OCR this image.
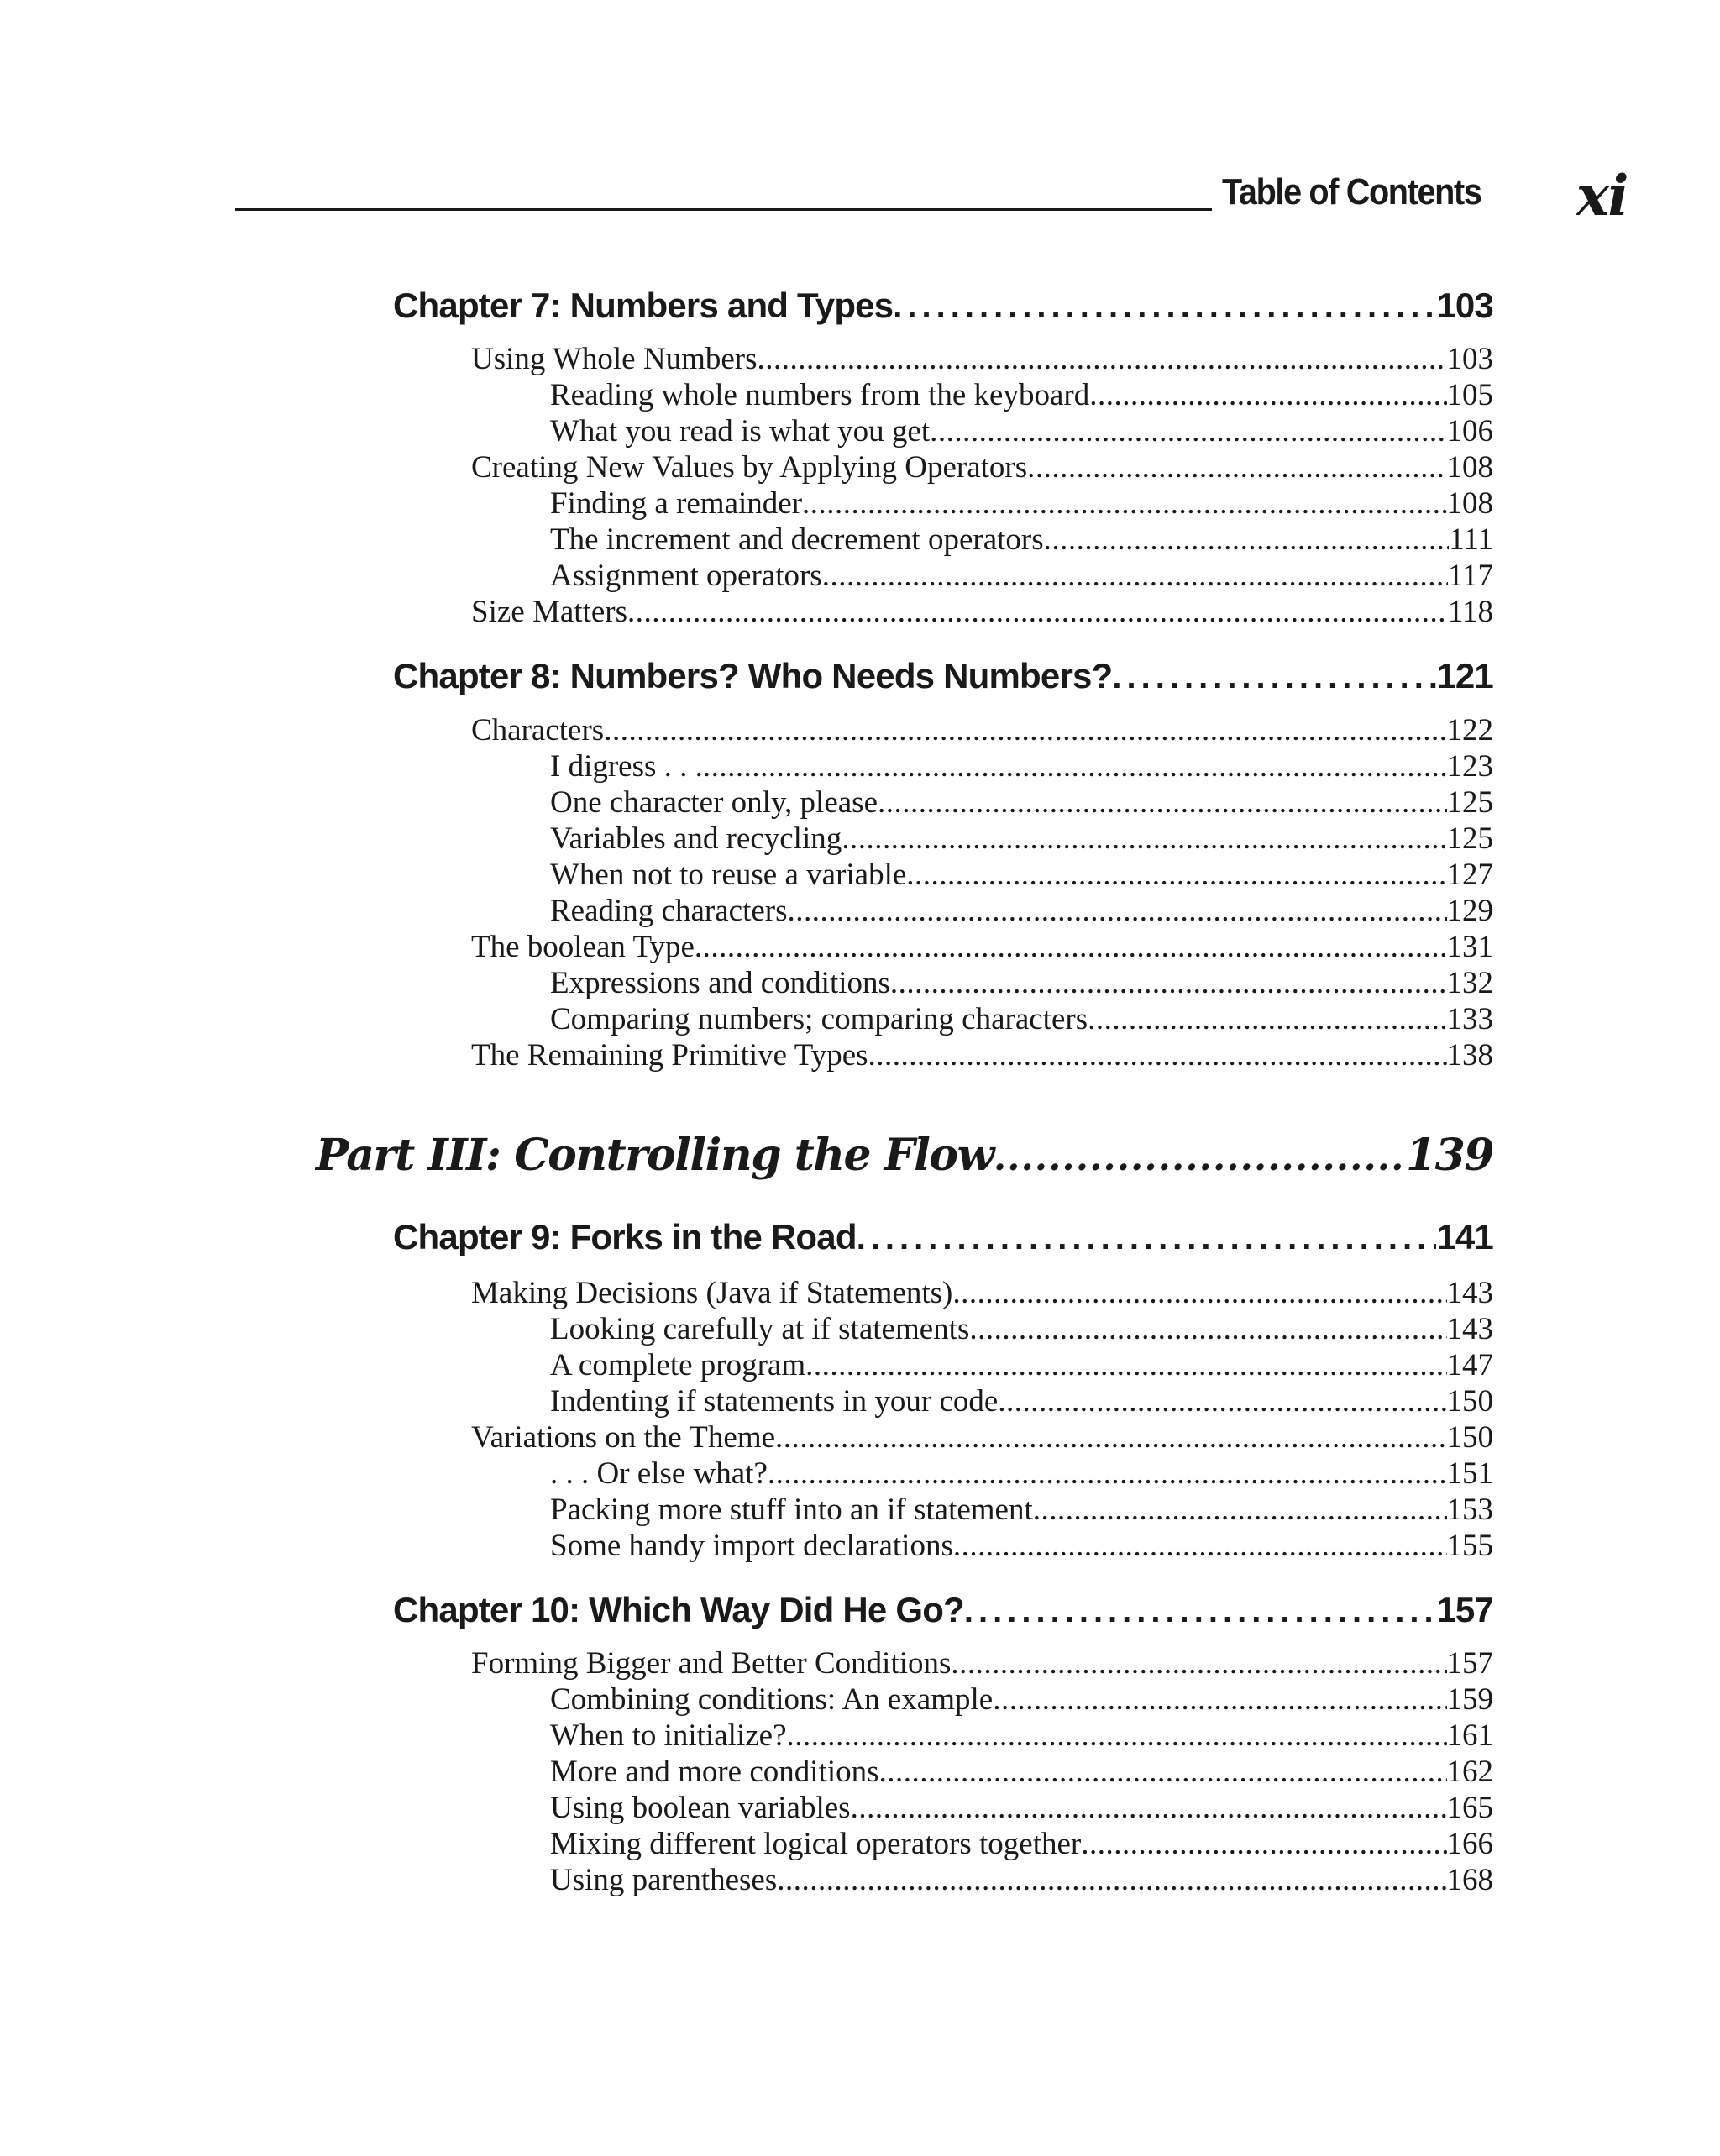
Table of Contents xi
Chapter 7: Numbers and Types .....	103
Using Whole Numbers .....	103
Reading whole numbers from the keyboard .....	105
What you read is what you get .....	106
Creating New Values by Applying Operators .....	108
Finding a remainder .....	108
The increment and decrement operators .....	111
Assignment operators .....	117
Size Matters .....	118
Chapter 8: Numbers? Who Needs Numbers? .....	121
Characters .....	122
I digress . . . .....	123
One character only, please .....	125
Variables and recycling .....	125
When not to reuse a variable .....	127
Reading characters .....	129
The boolean Type .....	131
Expressions and conditions .....	132
Comparing numbers; comparing characters .....	133
The Remaining Primitive Types .....	138
Part III: Controlling the Flow .....	139
Chapter 9: Forks in the Road .....	141
Making Decisions (Java if Statements) .....	143
Looking carefully at if statements .....	143
A complete program .....	147
Indenting if statements in your code .....	150
Variations on the Theme .....	150
. . . Or else what? .....	151
Packing more stuff into an if statement .....	153
Some handy import declarations .....	155
Chapter 10: Which Way Did He Go? .....	157
Forming Bigger and Better Conditions .....	157
Combining conditions: An example .....	159
When to initialize? .....	161
More and more conditions .....	162
Using boolean variables .....	165
Mixing different logical operators together .....	166
Using parentheses .....	168
